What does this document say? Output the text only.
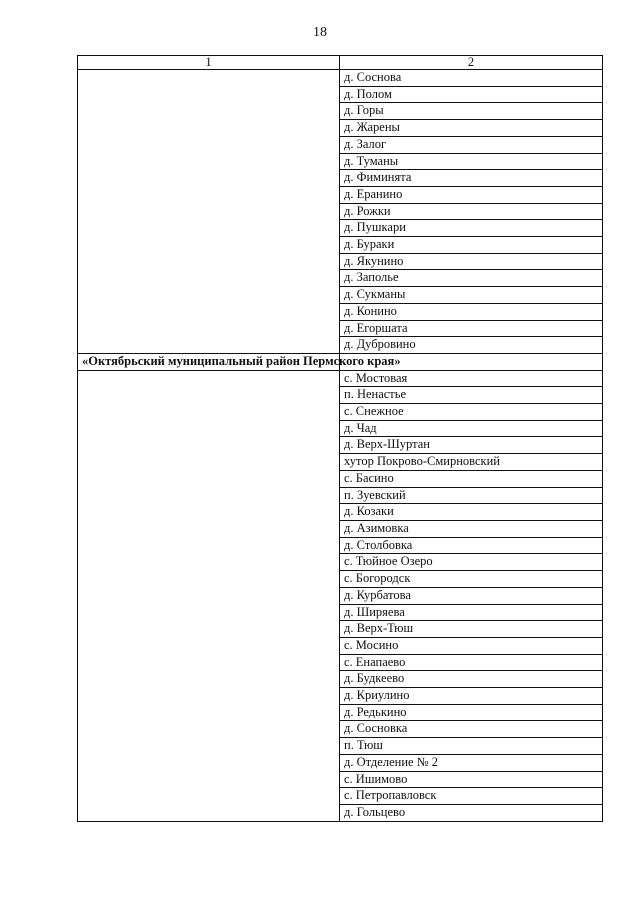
18
1	2
	д. Соснова
	д. Полом
	д. Горы
	д. Жарены
	д. Залог
	д. Туманы
	д. Фиминята
	д. Еранино
	д. Рожки
	д. Пушкари
	д. Бураки
	д. Якунино
	д. Заполье
	д. Сукманы
	д. Конино
	д. Егоршата
	д. Дубровино
«Октябрьский муниципальный район Пермского края»	
	с. Мостовая
	п. Ненастье
	с. Снежное
	д. Чад
	д. Верх-Шуртан
	хутор Покрово-Смирновский
	с. Басино
	п. Зуевский
	д. Козаки
	д. Азимовка
	д. Столбовка
	с. Тюйное Озеро
	с. Богородск
	д. Курбатова
	д. Ширяева
	д. Верх-Тюш
	с. Мосино
	с. Енапаево
	д. Будкеево
	д. Криулино
	д. Редькино
	д. Сосновка
	п. Тюш
	д. Отделение № 2
	с. Ишимово
	с. Петропавловск
	д. Гольцево
